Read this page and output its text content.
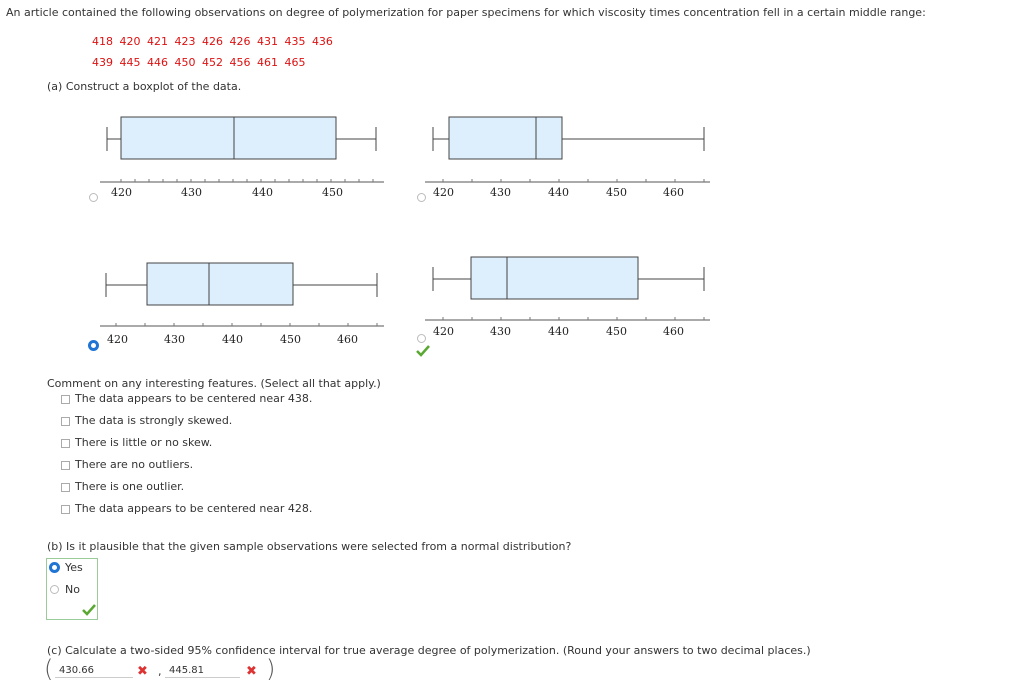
An article contained the following observations on degree of polymerization for paper specimens for which viscosity times concentration fell in a certain middle range:
418 420 421 423 426 426 431 435 436
439 445 446 450 452 456 461 465
(a) Construct a boxplot of the data.
420	430	440	450	420	430	440	450	460
420	430	440	450	460
420	430	440	450	460
Comment on any interesting features. (Select all that apply.)
The data appears to be centered near 438.
The data is strongly skewed.
There is little or no skew.
There are no outliers.
There is one outlier.
The data appears to be centered near 428.
(b) Is it plausible that the given sample observations were selected from a normal distribution?
Yes
No
(c) Calculate a two-sided 95% confidence interval for true average degree of polymerization. (Round your answers to two decimal places.)
( 430.66	✖ , 445.81	✖ )
